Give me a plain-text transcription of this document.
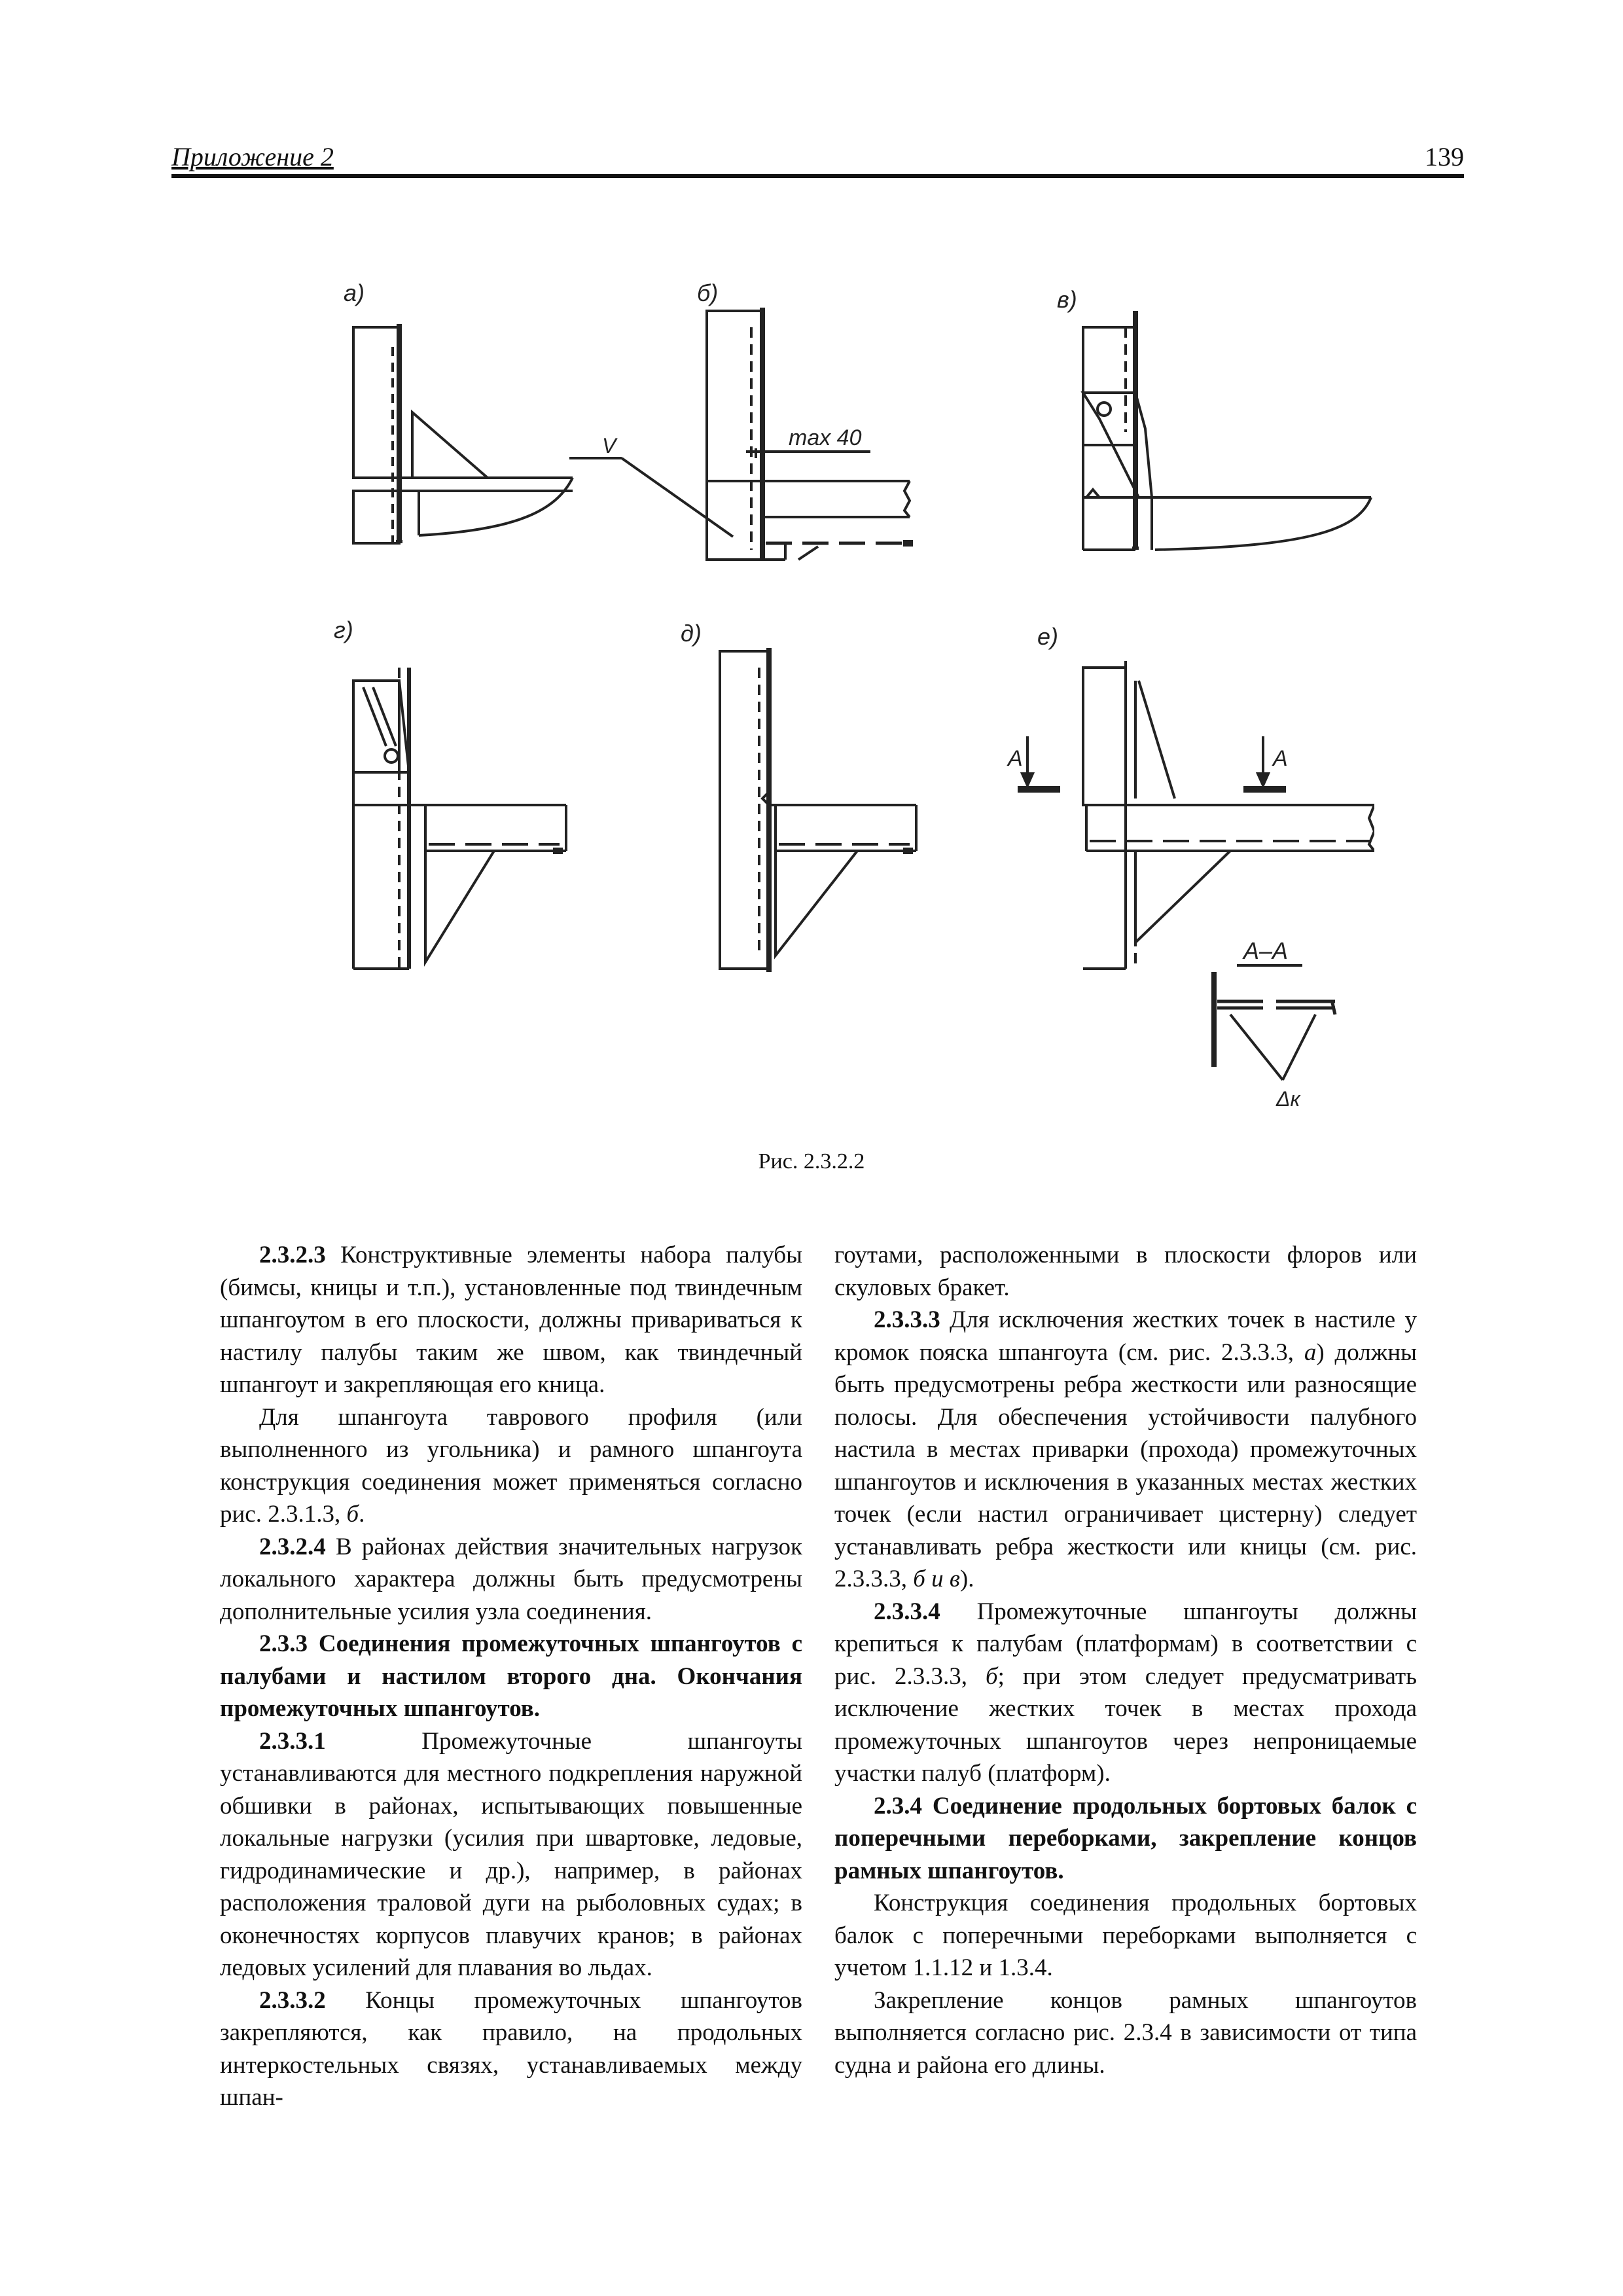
Приложение 2	139
а)	б)	в)
г)	д)	е)
max 40
V
А	А
А–А
Δк
Рис. 2.3.2.2

2.3.2.3 Конструктивные элементы набора палубы (бимсы, кницы и т.п.), установленные под твиндечным шпангоутом в его плоскости, должны привариваться к настилу палубы таким же швом, как твиндечный шпангоут и закрепляющая его кница.

Для шпангоута таврового профиля (или выполненного из угольника) и рамного шпангоута конструкция соединения может применяться согласно рис. 2.3.1.3, б.

2.3.2.4 В районах действия значительных нагрузок локального характера должны быть предусмотрены дополнительные усилия узла соединения.

2.3.3 Соединения промежуточных шпангоутов с палубами и настилом второго дна. Окончания промежуточных шпангоутов.

2.3.3.1 Промежуточные шпангоуты устанавливаются для местного подкрепления наружной обшивки в районах, испытывающих повышенные локальные нагрузки (усилия при швартовке, ледовые, гидродинамические и др.), например, в районах расположения траловой дуги на рыболовных судах; в оконечностях корпусов плавучих кранов; в районах ледовых усилений для плавания во льдах.

2.3.3.2 Концы промежуточных шпангоутов закрепляются, как правило, на продольных интеркостельных связях, устанавливаемых между шпан-

гоутами, расположенными в плоскости флоров или скуловых бракет.

2.3.3.3 Для исключения жестких точек в настиле у кромок пояска шпангоута (см. рис. 2.3.3.3, а) должны быть предусмотрены ребра жесткости или разносящие полосы. Для обеспечения устойчивости палубного настила в местах приварки (прохода) промежуточных шпангоутов и исключения в указанных местах жестких точек (если настил ограничивает цистерну) следует устанавливать ребра жесткости или кницы (см. рис. 2.3.3.3, б и в).

2.3.3.4 Промежуточные шпангоуты должны крепиться к палубам (платформам) в соответствии с рис. 2.3.3.3, б; при этом следует предусматривать исключение жестких точек в местах прохода промежуточных шпангоутов через непроницаемые участки палуб (платформ).

2.3.4 Соединение продольных бортовых балок с поперечными переборками, закрепление концов рамных шпангоутов.

Конструкция соединения продольных бортовых балок с поперечными переборками выполняется с учетом 1.1.12 и 1.3.4.

Закрепление концов рамных шпангоутов выполняется согласно рис. 2.3.4 в зависимости от типа судна и района его длины.
